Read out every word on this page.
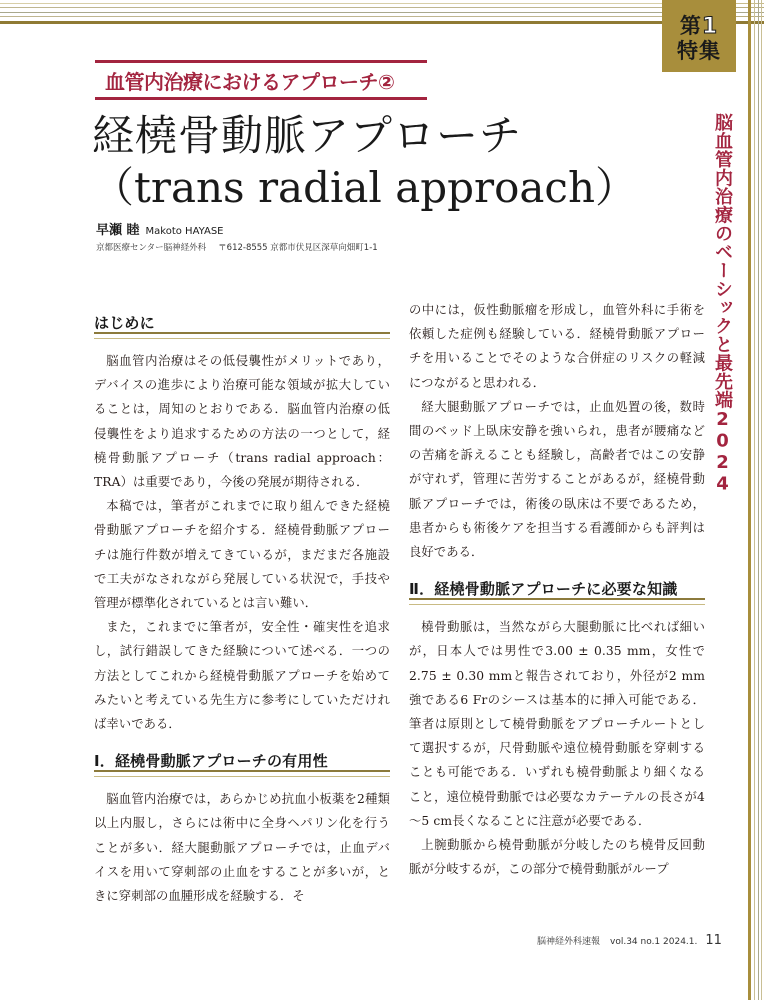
第1
特集
脳血管内治療のベーシックと最先端2024
血管内治療におけるアプローチ②
経橈骨動脈アプローチ
（trans radial approach）
早瀬 睦 Makoto HAYASE
京都医療センター脳神経外科 〒612-8555 京都市伏見区深草向畑町1-1
はじめに

脳血管内治療はその低侵襲性がメリットであり，デバイスの進歩により治療可能な領域が拡大していることは，周知のとおりである．脳血管内治療の低侵襲性をより追求するための方法の一つとして，経橈骨動脈アプローチ（trans radial approach：TRA）は重要であり，今後の発展が期待される．

本稿では，筆者がこれまでに取り組んできた経橈骨動脈アプローチを紹介する．経橈骨動脈アプローチは施行件数が増えてきているが，まだまだ各施設で工夫がなされながら発展している状況で，手技や管理が標準化されているとは言い難い．

また，これまでに筆者が，安全性・確実性を追求し，試行錯誤してきた経験について述べる．一つの方法としてこれから経橈骨動脈アプローチを始めてみたいと考えている先生方に参考にしていただければ幸いである．

Ⅰ．経橈骨動脈アプローチの有用性

脳血管内治療では，あらかじめ抗血小板薬を2種類以上内服し，さらには術中に全身ヘパリン化を行うことが多い．経大腿動脈アプローチでは，止血デバイスを用いて穿刺部の止血をすることが多いが，ときに穿刺部の血腫形成を経験する．そ

の中には，仮性動脈瘤を形成し，血管外科に手術を依頼した症例も経験している．経橈骨動脈アプローチを用いることでそのような合併症のリスクの軽減につながると思われる．

経大腿動脈アプローチでは，止血処置の後，数時間のベッド上臥床安静を強いられ，患者が腰痛などの苦痛を訴えることも経験し，高齢者ではこの安静が守れず，管理に苦労することがあるが，経橈骨動脈アプローチでは，術後の臥床は不要であるため，患者からも術後ケアを担当する看護師からも評判は良好である．

Ⅱ．経橈骨動脈アプローチに必要な知識

橈骨動脈は，当然ながら大腿動脈に比べれば細いが，日本人では男性で3.00 ± 0.35 mm，女性で2.75 ± 0.30 mmと報告されており，外径が2 mm強である6 Frのシースは基本的に挿入可能である．筆者は原則として橈骨動脈をアプローチルートとして選択するが，尺骨動脈や遠位橈骨動脈を穿刺することも可能である．いずれも橈骨動脈より細くなること，遠位橈骨動脈では必要なカテーテルの長さが4～5 cm長くなることに注意が必要である．

上腕動脈から橈骨動脈が分岐したのち橈骨反回動脈が分岐するが，この部分で橈骨動脈がループ

脳神経外科速報 vol.34 no.1 2024.1. 11
